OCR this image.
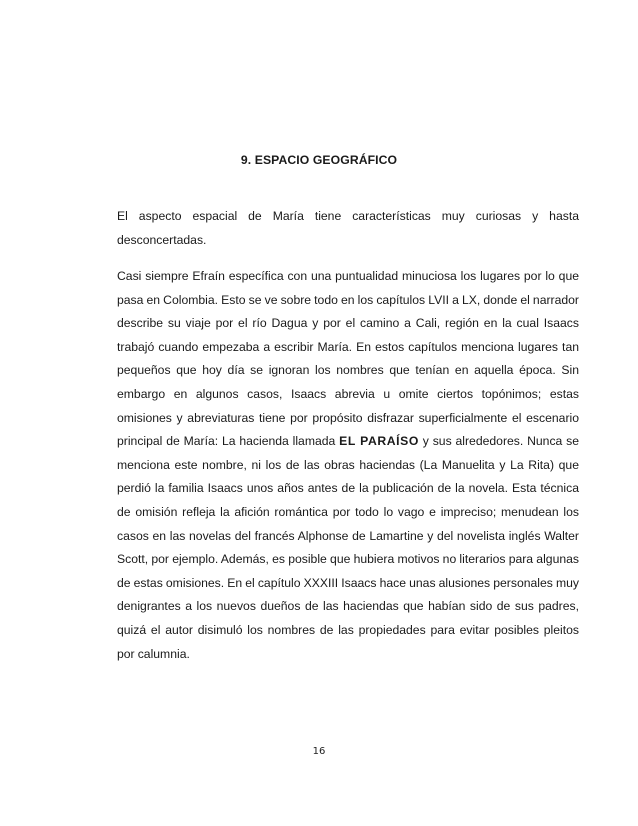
9. ESPACIO GEOGRÁFICO

El aspecto espacial de María tiene características muy curiosas y hasta desconcertadas.

Casi siempre Efraín específica con una puntualidad minuciosa los lugares por lo que pasa en Colombia. Esto se ve sobre todo en los capítulos LVII a LX, donde el narrador describe su viaje por el río Dagua y por el camino a Cali, región en la cual Isaacs trabajó cuando empezaba a escribir María. En estos capítulos menciona lugares tan pequeños que hoy día se ignoran los nombres que tenían en aquella época. Sin embargo en algunos casos, Isaacs abrevia u omite ciertos topónimos; estas omisiones y abreviaturas tiene por propósito disfrazar superficialmente el escenario principal de María: La hacienda llamada EL PARAÍSO y sus alrededores. Nunca se menciona este nombre, ni los de las obras haciendas (La Manuelita y La Rita) que perdió la familia Isaacs unos años antes de la publicación de la novela. Esta técnica de omisión refleja la afición romántica por todo lo vago e impreciso; menudean los casos en las novelas del francés Alphonse de Lamartine y del novelista inglés Walter Scott, por ejemplo. Además, es posible que hubiera motivos no literarios para algunas de estas omisiones. En el capítulo XXXIII Isaacs hace unas alusiones personales muy denigrantes a los nuevos dueños de las haciendas que habían sido de sus padres, quizá el autor disimuló los nombres de las propiedades para evitar posibles pleitos por calumnia.

16
